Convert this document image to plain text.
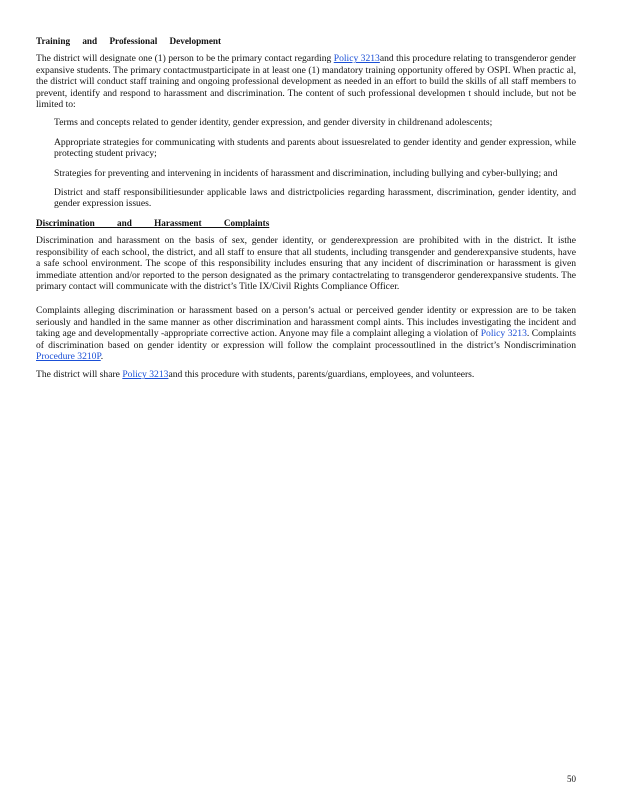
Training and Professional Development

The district will designate one (1) person to be the primary contact regarding Policy 3213and this procedure relating to transgenderor gender expansive students. The primary contactmustparticipate in at least one (1) mandatory training opportunity offered by OSPI. When practic al, the district will conduct staff training and ongoing professional development as needed in an effort to build the skills of all staff members to prevent, identify and respond to harassment and discrimination. The content of such professional developmen t should include, but not be limited to:

Terms and concepts related to gender identity, gender expression, and gender diversity in childrenand adolescents;
Appropriate strategies for communicating with students and parents about issuesrelated to gender identity and gender expression, while protecting student privacy;
Strategies for preventing and intervening in incidents of harassment and discrimination, including bullying and cyber-bullying; and
District and staff responsibilitiesunder applicable laws and districtpolicies regarding harassment, discrimination, gender identity, and gender expression issues.
Discrimination and Harassment Complaints

Discrimination and harassment on the basis of sex, gender identity, or genderexpression are prohibited with in the district. It isthe responsibility of each school, the district, and all staff to ensure that all students, including transgender and genderexpansive students, have a safe school environment. The scope of this responsibility includes ensuring that any incident of discrimination or harassment is given immediate attention and/or reported to the person designated as the primary contactrelating to transgenderor genderexpansive students. The primary contact will communicate with the district’s Title IX/Civil Rights Compliance Officer.

Complaints alleging discrimination or harassment based on a person’s actual or perceived gender identity or expression are to be taken seriously and handled in the same manner as other discrimination and harassment compl aints. This includes investigating the incident and taking age and developmentally -appropriate corrective action. Anyone may file a complaint alleging a violation of Policy 3213. Complaints of discrimination based on gender identity or expression will follow the complaint processoutlined in the district’s Nondiscrimination Procedure 3210P.

The district will share Policy 3213and this procedure with students, parents/guardians, employees, and volunteers.

50
